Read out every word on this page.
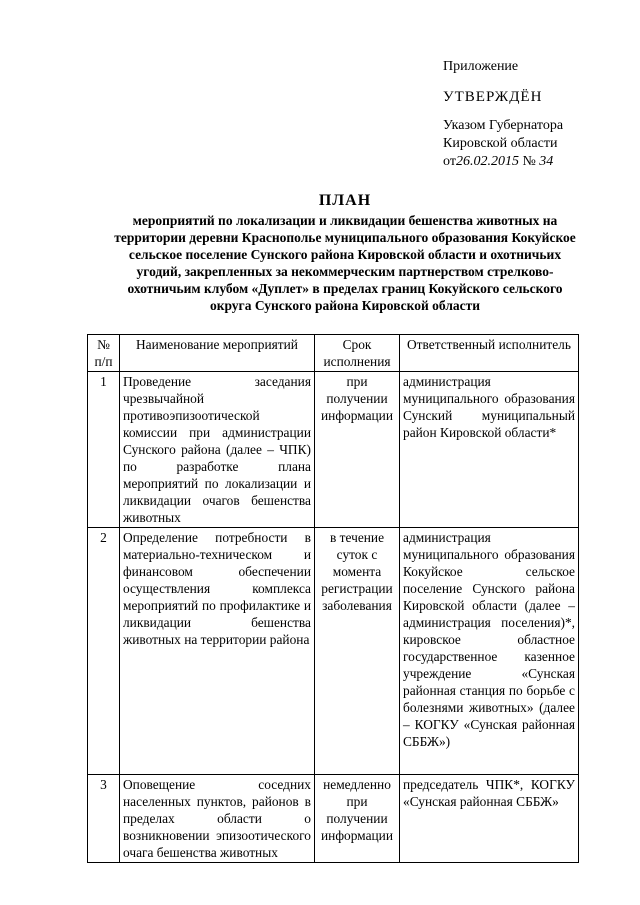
Приложение
УТВЕРЖДЁН
Указом Губернатора
Кировской области
от26.02.2015 № 34
ПЛАН
мероприятий по локализации и ликвидации бешенства животных на территории деревни Краснополье муниципального образования Кокуйское сельское поселение Сунского района Кировской области и охотничьих угодий, закрепленных за некоммерческим партнерством стрелково-охотничьим клубом «Дуплет» в пределах границ Кокуйского сельского округа Сунского района Кировской области
№ п/п	Наименование мероприятий	Срок исполнения	Ответственный исполнитель
1	Проведение заседания чрезвычайной противоэпизоотической комиссии при администрации Сунского района (далее – ЧПК) по разработке плана мероприятий по локализации и ликвидации очагов бешенства животных	при получении информации	администрация муниципального образования Сунский муниципальный район Кировской области*
2	Определение потребности в материально-техническом и финансовом обеспечении осуществления комплекса мероприятий по профилактике и ликвидации бешенства животных на территории района	в течение суток с момента регистрации заболевания	администрация муниципального образования Кокуйское сельское поселение Сунского района Кировской области (далее – администрация поселения)*, кировское областное государственное казенное учреждение «Сунская районная станция по борьбе с болезнями животных» (далее – КОГКУ «Сунская районная СББЖ»)
3	Оповещение соседних населенных пунктов, районов в пределах области о возникновении эпизоотического очага бешенства животных	немедленно при получении информации	председатель ЧПК*, КОГКУ «Сунская районная СББЖ»
